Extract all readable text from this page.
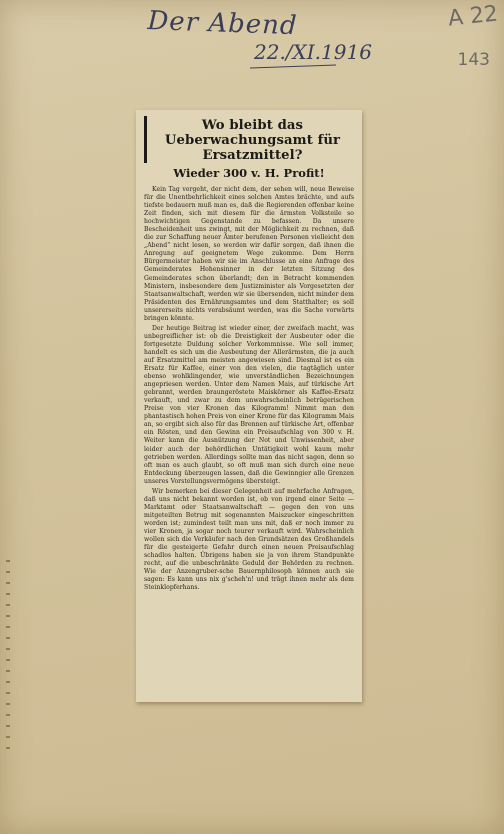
Der Abend
22./XI.1916
A 22
143
Wo bleibt das Ueberwachungsamt für Ersatzmittel?
Wieder 300 v. H. Profit!

Kein Tag vergeht, der nicht dem, der sehen will, neue Beweise für die Unentbehrlichkeit eines solchen Amtes brächte, und aufs tiefste bedauern muß man es, daß die Regierenden offenbar keine Zeit finden, sich mit diesem für die ärmsten Volksteile so hochwichtigen Gegenstande zu befassen. Da unsere Bescheidenheit uns zwingt, mit der Möglichkeit zu rechnen, daß die zur Schaffung neuer Ämter berufenen Personen vielleicht den „Abend“ nicht lesen, so werden wir dafür sorgen, daß ihnen die Anregung auf geeignetem Wege zukomme. Dem Herrn Bürgermeister haben wir sie im Anschlusse an eine Anfrage des Gemeinderates Hohensinner in der letzten Sitzung des Gemeinderates schon überlandt; den in Betracht kommenden Ministern, insbesondere dem Justizminister als Vorgesetzten der Staatsanwaltschaft, werden wir sie übersenden, nicht minder dem Präsidenten des Ernährungsamtes und dem Statthalter; es soll unsererseits nichts verabsäumt werden, was die Sache vorwärts bringen könnte.

Der heutige Beitrag ist wieder einer, der zweifach macht, was unbegreiflicher ist: ob die Dreistigkeit der Ausbeuter oder die fortgesetzte Duldung solcher Vorkommnisse. Wie soll immer, handelt es sich um die Ausbeutung der Allerärmsten, die ja auch auf Ersatzmittel am meisten angewiesen sind. Diesmal ist es ein Ersatz für Kaffee, einer von den vielen, die tagtäglich unter ebenso wohlklingender, wie unverständlichen Bezeichnungen angepriesen werden. Unter dem Namen Mais, auf türkische Art gebrannt, werden braungeröstete Maiskörner als Kaffee-Ersatz verkauft, und zwar zu dem unwahrscheinlich betrügerischen Preise von vier Kronen das Kilogramm! Nimmt man den phantastisch hohen Preis von einer Krone für das Kilogramm Mais an, so ergibt sich also für das Brennen auf türkische Art, offenbar ein Rösten, und den Gewinn ein Preisaufschlag von 300 v. H. Weiter kann die Ausnützung der Not und Unwissenheit, aber leider auch der behördlichen Untätigkeit wohl kaum mehr getrieben werden. Allerdings sollte man das nicht sagen, denn so oft man es auch glaubt, so oft muß man sich durch eine neue Entdeckung überzeugen lassen, daß die Gewinngier alle Grenzen unseres Vorstellungsvermögens übersteigt.

Wir bemerken bei dieser Gelegenheit auf mehrfache Anfragen, daß uns nicht bekannt worden ist, ob von irgend einer Seite — Marktamt oder Staatsanwaltschaft — gegen den von uns mitgeteilten Betrug mit sogenannten Maiszucker eingeschritten worden ist; zumindest teilt man uns mit, daß er noch immer zu vier Kronen, ja sogar noch teurer verkauft wird. Wahrscheinlich wollen sich die Verkäufer nach den Grundsätzen des Großhandels für die gesteigerte Gefahr durch einen neuen Preisaufschlag schadlos halten. Übrigens haben sie ja von ihrem Standpunkte recht, auf die unbeschränkte Geduld der Behörden zu rechnen. Wie der Anzengruber-sche Bauernphilosoph können auch sie sagen: Es kann uns nix g'scheh'n! und trägt ihnen mehr als dem Steinklopferhans.
